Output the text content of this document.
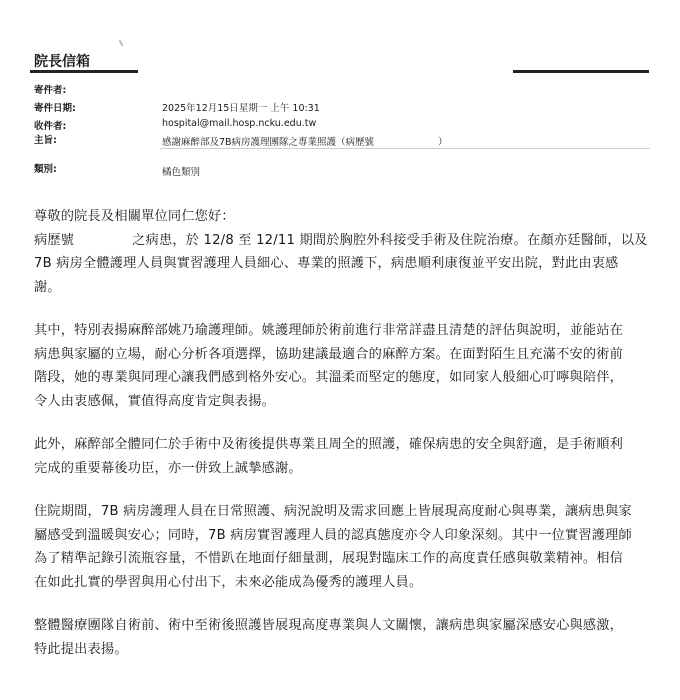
院長信箱
寄件者:
寄件日期:	2025年12月15日星期一 上午 10:31
收件者:	hospital@mail.hosp.ncku.edu.tw
主旨:	感謝麻醉部及7B病房護理團隊之專業照護（病歷號	）
類別:	橘色類別

尊敬的院長及相關單位同仁您好：

病歷號	之病患，於 12/8 至 12/11 期間於胸腔外科接受手術及住院治療。在顏亦廷醫師，以及

7B 病房全體護理人員與實習護理人員細心、專業的照護下，病患順利康復並平安出院，對此由衷感

謝。

其中，特別表揚麻醉部姚乃瑜護理師。姚護理師於術前進行非常詳盡且清楚的評估與說明，並能站在

病患與家屬的立場，耐心分析各項選擇，協助建議最適合的麻醉方案。在面對陌生且充滿不安的術前

階段，她的專業與同理心讓我們感到格外安心。其溫柔而堅定的態度，如同家人般細心叮嚀與陪伴，

令人由衷感佩，實值得高度肯定與表揚。

此外，麻醉部全體同仁於手術中及術後提供專業且周全的照護，確保病患的安全與舒適，是手術順利

完成的重要幕後功臣，亦一併致上誠摯感謝。

住院期間，7B 病房護理人員在日常照護、病況說明及需求回應上皆展現高度耐心與專業，讓病患與家

屬感受到溫暖與安心；同時，7B 病房實習護理人員的認真態度亦令人印象深刻。其中一位實習護理師

為了精準記錄引流瓶容量，不惜趴在地面仔細量測，展現對臨床工作的高度責任感與敬業精神。相信

在如此扎實的學習與用心付出下，未來必能成為優秀的護理人員。

整體醫療團隊自術前、術中至術後照護皆展現高度專業與人文關懷，讓病患與家屬深感安心與感激，

特此提出表揚。
